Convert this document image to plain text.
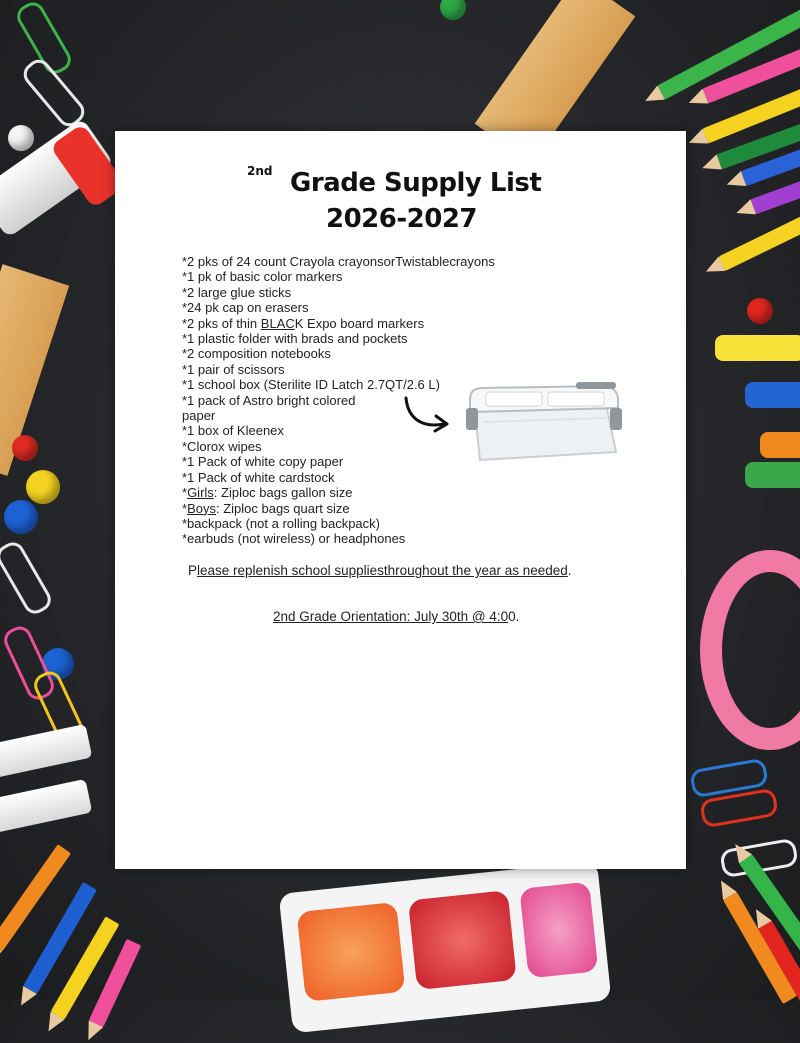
2nd Grade Supply List
2026-2027
*2 pks of 24 count Crayola crayonsorTwistablecrayons
*1 pk of basic color markers
*2 large glue sticks
*24 pk cap on erasers
*2 pks of thin BLACK Expo board markers
*1 plastic folder with brads and pockets
*2 composition notebooks
*1 pair of scissors
*1 school box (Sterilite ID Latch 2.7QT/2.6 L)
*1 pack of Astro bright colored paper
*1 box of Kleenex
*Clorox wipes
*1 Pack of white copy paper
*1 Pack of white cardstock
*Girls: Ziploc bags gallon size
*Boys: Ziploc bags quart size
*backpack (not a rolling backpack)
*earbuds (not wireless) or headphones
Please replenish school suppliesthroughout the year as needed.
2nd Grade Orientation: July 30th @ 4:00.
